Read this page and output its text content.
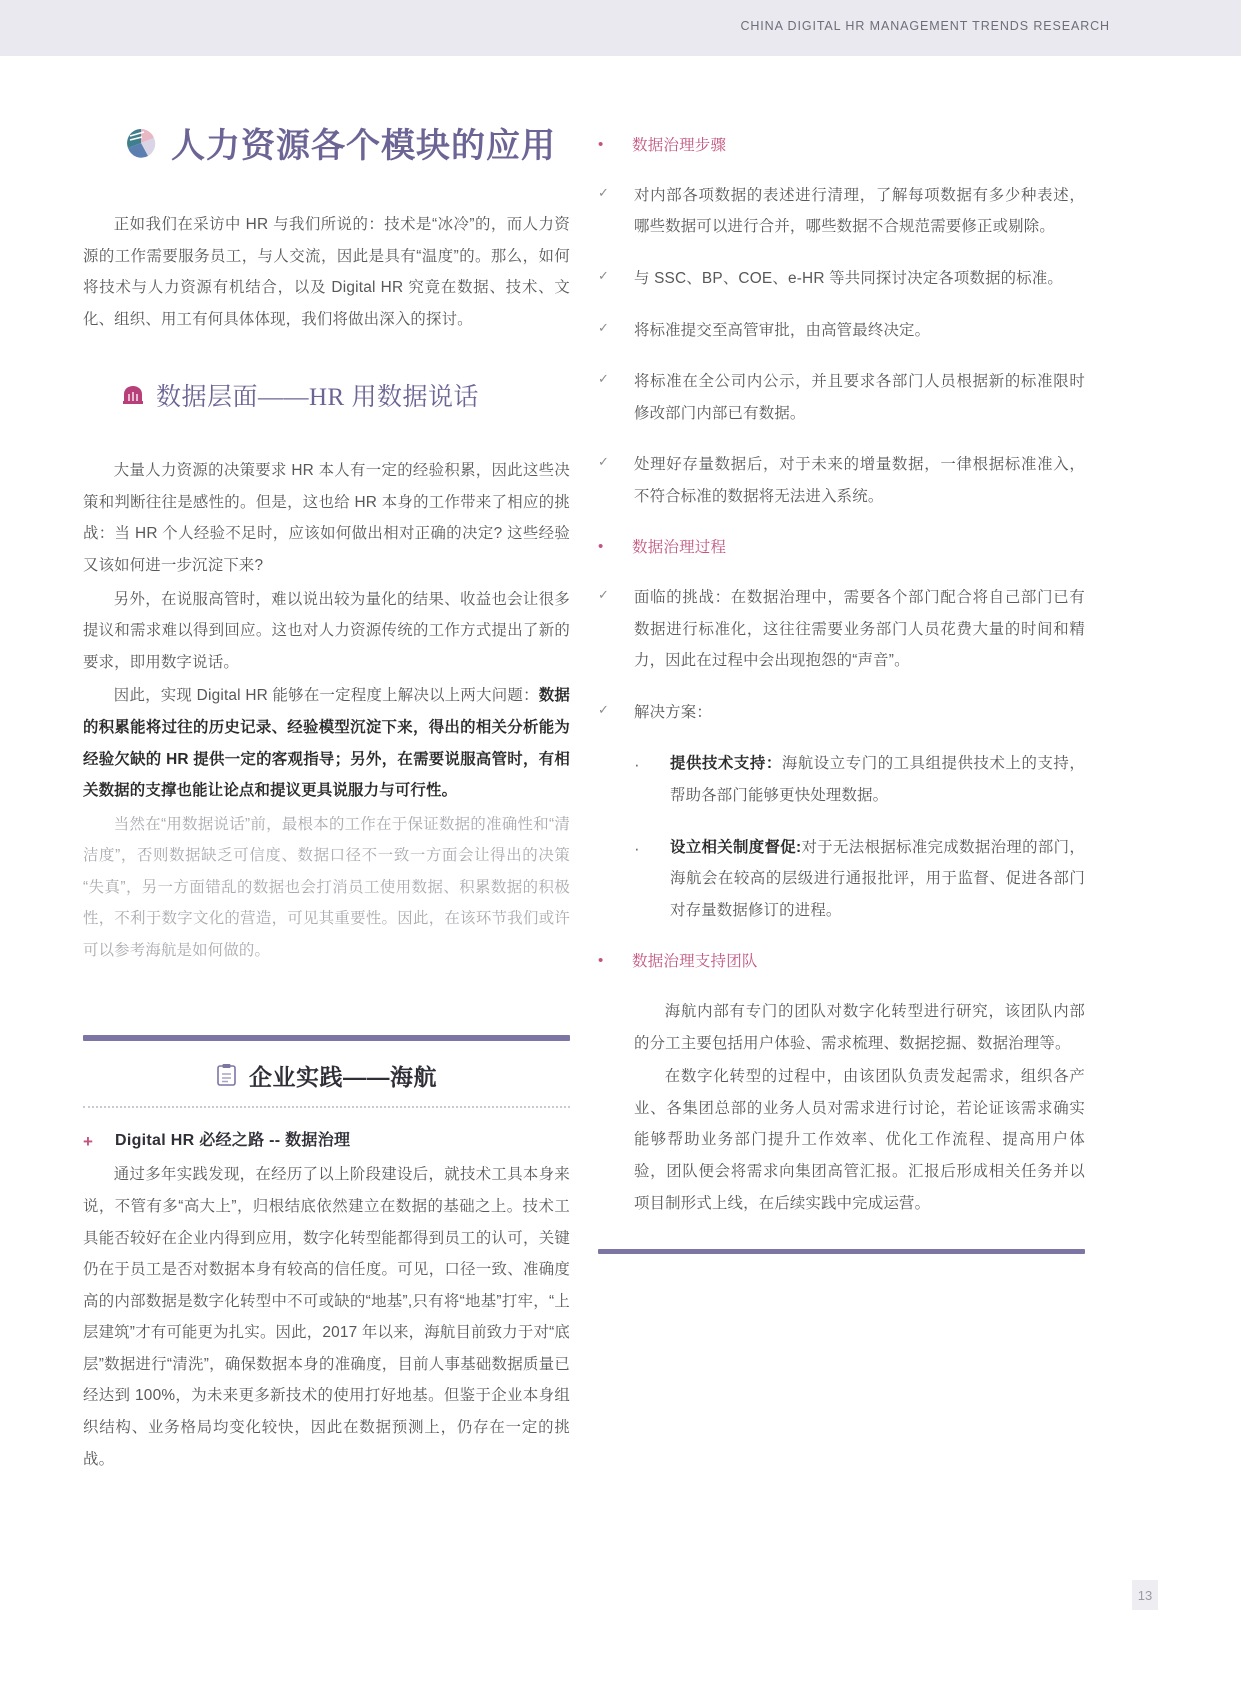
CHINA DIGITAL HR MANAGEMENT TRENDS RESEARCH
人力资源各个模块的应用

正如我们在采访中 HR 与我们所说的：技术是“冰冷”的，而人力资源的工作需要服务员工，与人交流，因此是具有“温度”的。那么，如何将技术与人力资源有机结合，以及 Digital HR 究竟在数据、技术、文化、组织、用工有何具体体现，我们将做出深入的探讨。

数据层面——HR 用数据说话

大量人力资源的决策要求 HR 本人有一定的经验积累，因此这些决策和判断往往是感性的。但是，这也给 HR 本身的工作带来了相应的挑战：当 HR 个人经验不足时，应该如何做出相对正确的决定? 这些经验又该如何进一步沉淀下来?

另外，在说服高管时，难以说出较为量化的结果、收益也会让很多提议和需求难以得到回应。这也对人力资源传统的工作方式提出了新的要求，即用数字说话。

因此，实现 Digital HR 能够在一定程度上解决以上两大问题：数据的积累能将过往的历史记录、经验模型沉淀下来，得出的相关分析能为经验欠缺的 HR 提供一定的客观指导；另外，在需要说服高管时，有相关数据的支撑也能让论点和提议更具说服力与可行性。

当然在“用数据说话”前，最根本的工作在于保证数据的准确性和“清洁度”，否则数据缺乏可信度、数据口径不一致一方面会让得出的决策“失真”，另一方面错乱的数据也会打消员工使用数据、积累数据的积极性，不利于数字文化的营造，可见其重要性。因此，在该环节我们或许可以参考海航是如何做的。

企业实践——海航
+ Digital HR 必经之路 -- 数据治理

通过多年实践发现，在经历了以上阶段建设后，就技术工具本身来说，不管有多“高大上”，归根结底依然建立在数据的基础之上。技术工具能否较好在企业内得到应用，数字化转型能都得到员工的认可，关键仍在于员工是否对数据本身有较高的信任度。可见，口径一致、准确度高的内部数据是数字化转型中不可或缺的“地基”,只有将“地基”打牢，“上层建筑”才有可能更为扎实。因此，2017 年以来，海航目前致力于对“底层”数据进行“清洗”，确保数据本身的准确度，目前人事基础数据质量已经达到 100%，为未来更多新技术的使用打好地基。但鉴于企业本身组织结构、业务格局均变化较快，因此在数据预测上，仍存在一定的挑战。

•	数据治理步骤
✓	对内部各项数据的表述进行清理，了解每项数据有多少种表述，哪些数据可以进行合并，哪些数据不合规范需要修正或剔除。
✓	与 SSC、BP、COE、e-HR 等共同探讨决定各项数据的标准。
✓	将标准提交至高管审批，由高管最终决定。
✓	将标准在全公司内公示，并且要求各部门人员根据新的标准限时修改部门内部已有数据。
✓	处理好存量数据后，对于未来的增量数据，一律根据标准准入，不符合标准的数据将无法进入系统。
•	数据治理过程
✓	面临的挑战：在数据治理中，需要各个部门配合将自己部门已有数据进行标准化，这往往需要业务部门人员花费大量的时间和精力，因此在过程中会出现抱怨的“声音”。
✓	解决方案：
·	提供技术支持：海航设立专门的工具组提供技术上的支持，帮助各部门能够更快处理数据。
·	设立相关制度督促:对于无法根据标准完成数据治理的部门，海航会在较高的层级进行通报批评，用于监督、促进各部门对存量数据修订的进程。
•	数据治理支持团队

海航内部有专门的团队对数字化转型进行研究，该团队内部的分工主要包括用户体验、需求梳理、数据挖掘、数据治理等。

在数字化转型的过程中，由该团队负责发起需求，组织各产业、各集团总部的业务人员对需求进行讨论，若论证该需求确实能够帮助业务部门提升工作效率、优化工作流程、提高用户体验，团队便会将需求向集团高管汇报。汇报后形成相关任务并以项目制形式上线，在后续实践中完成运营。

13
